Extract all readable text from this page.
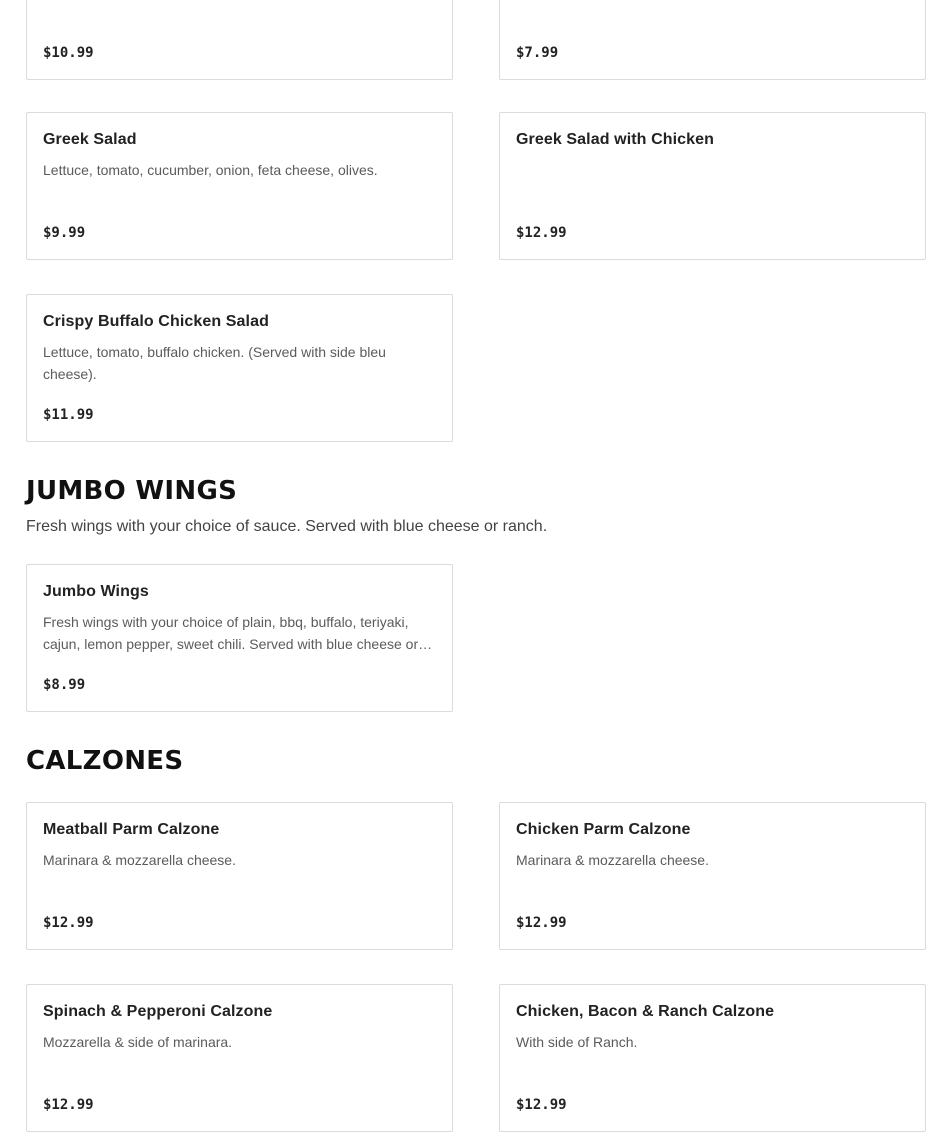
$10.99	$7.99
Greek Salad
Lettuce, tomato, cucumber, onion, feta cheese, olives.
$9.99
Greek Salad with Chicken
$12.99
Crispy Buffalo Chicken Salad
Lettuce, tomato, buffalo chicken. (Served with side bleu cheese).
$11.99
JUMBO WINGS

Fresh wings with your choice of sauce. Served with blue cheese or ranch.

Jumbo Wings
Fresh wings with your choice of plain, bbq, buffalo, teriyaki, cajun, lemon pepper, sweet chili. Served with blue cheese or…
$8.99
CALZONES
Meatball Parm Calzone
Marinara & mozzarella cheese.
$12.99
Chicken Parm Calzone
Marinara & mozzarella cheese.
$12.99
Spinach & Pepperoni Calzone
Mozzarella & side of marinara.
$12.99
Chicken, Bacon & Ranch Calzone
With side of Ranch.
$12.99
